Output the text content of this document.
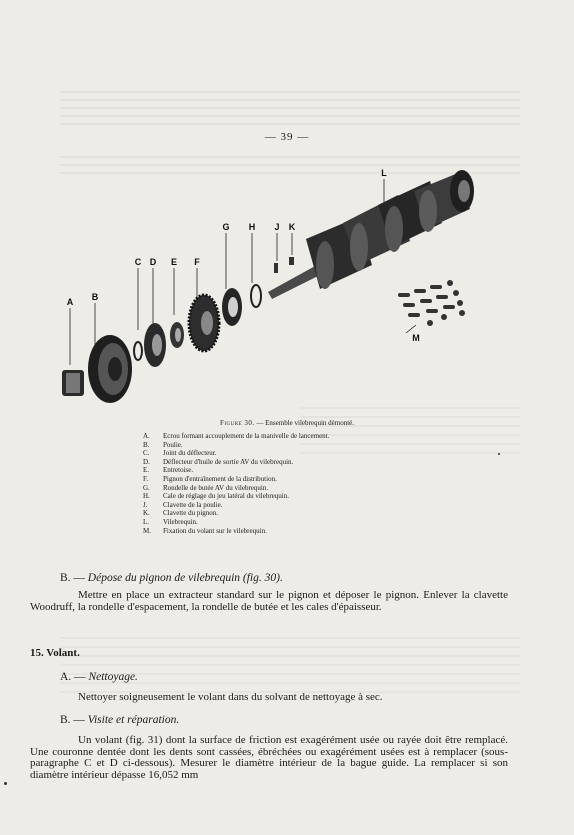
— 39 —
A B
C D E F
G H J K
L
M
Figure 30. — Ensemble vilebrequin démonté.
A.	Ecrou formant accouplement de la manivelle de lancement.
B.	Poulie.
C.	Joint du déflecteur.
D.	Déflecteur d'huile de sortie AV du vilebrequin.
E.	Entretoise.
F.	Pignon d'entraînement de la distribution.
G.	Rondelle de butée AV du vilebrequin.
H.	Cale de réglage du jeu latéral du vilebrequin.
J.	Clavette de la poulie.
K.	Clavette du pignon.
L.	Vilebrequin.
M.	Fixation du volant sur le vilebrequin.
B. — Dépose du pignon de vilebrequin (fig. 30).
Mettre en place un extracteur standard sur le pignon et déposer le pignon. Enlever la clavette Woodruff, la rondelle d'espacement, la rondelle de butée et les cales d'épaisseur.
15. Volant.
A. — Nettoyage.
Nettoyer soigneusement le volant dans du solvant de nettoyage à sec.
B. — Visite et réparation.
Un volant (fig. 31) dont la surface de friction est exagérément usée ou rayée doit être remplacé. Une couronne dentée dont les dents sont cassées, ébréchées ou exagérément usées est à remplacer (sous-paragraphe C et D ci-dessous). Mesurer le diamètre intérieur de la bague guide. La remplacer si son diamètre intérieur dépasse 16,052 mm
